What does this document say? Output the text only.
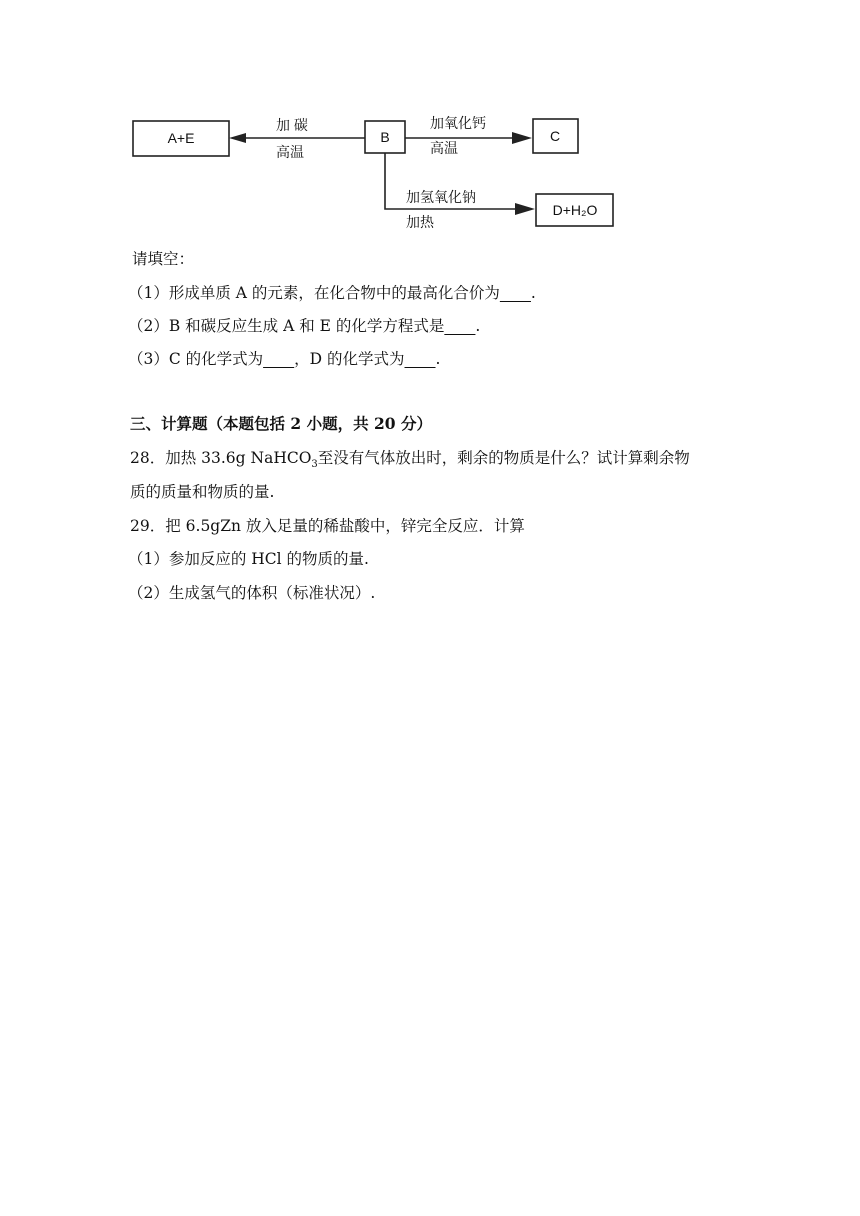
A+E	B	C
D+H₂O
加 碳
高温
加氧化钙
高温
加氢氧化钠
加热
请填空：
（1）形成单质 A 的元素，在化合物中的最高化合价为____.
（2）B 和碳反应生成 A 和 E 的化学方程式是____.
（3）C 的化学式为____，D 的化学式为____.
三、计算题（本题包括 2 小题，共 20 分）
28．加热 33.6g NaHCO$_3$至没有气体放出时，剩余的物质是什么？试计算剩余物
质的质量和物质的量.
29．把 6.5gZn 放入足量的稀盐酸中，锌完全反应．计算
（1）参加反应的 HCl 的物质的量.
（2）生成氢气的体积（标准状况）.
